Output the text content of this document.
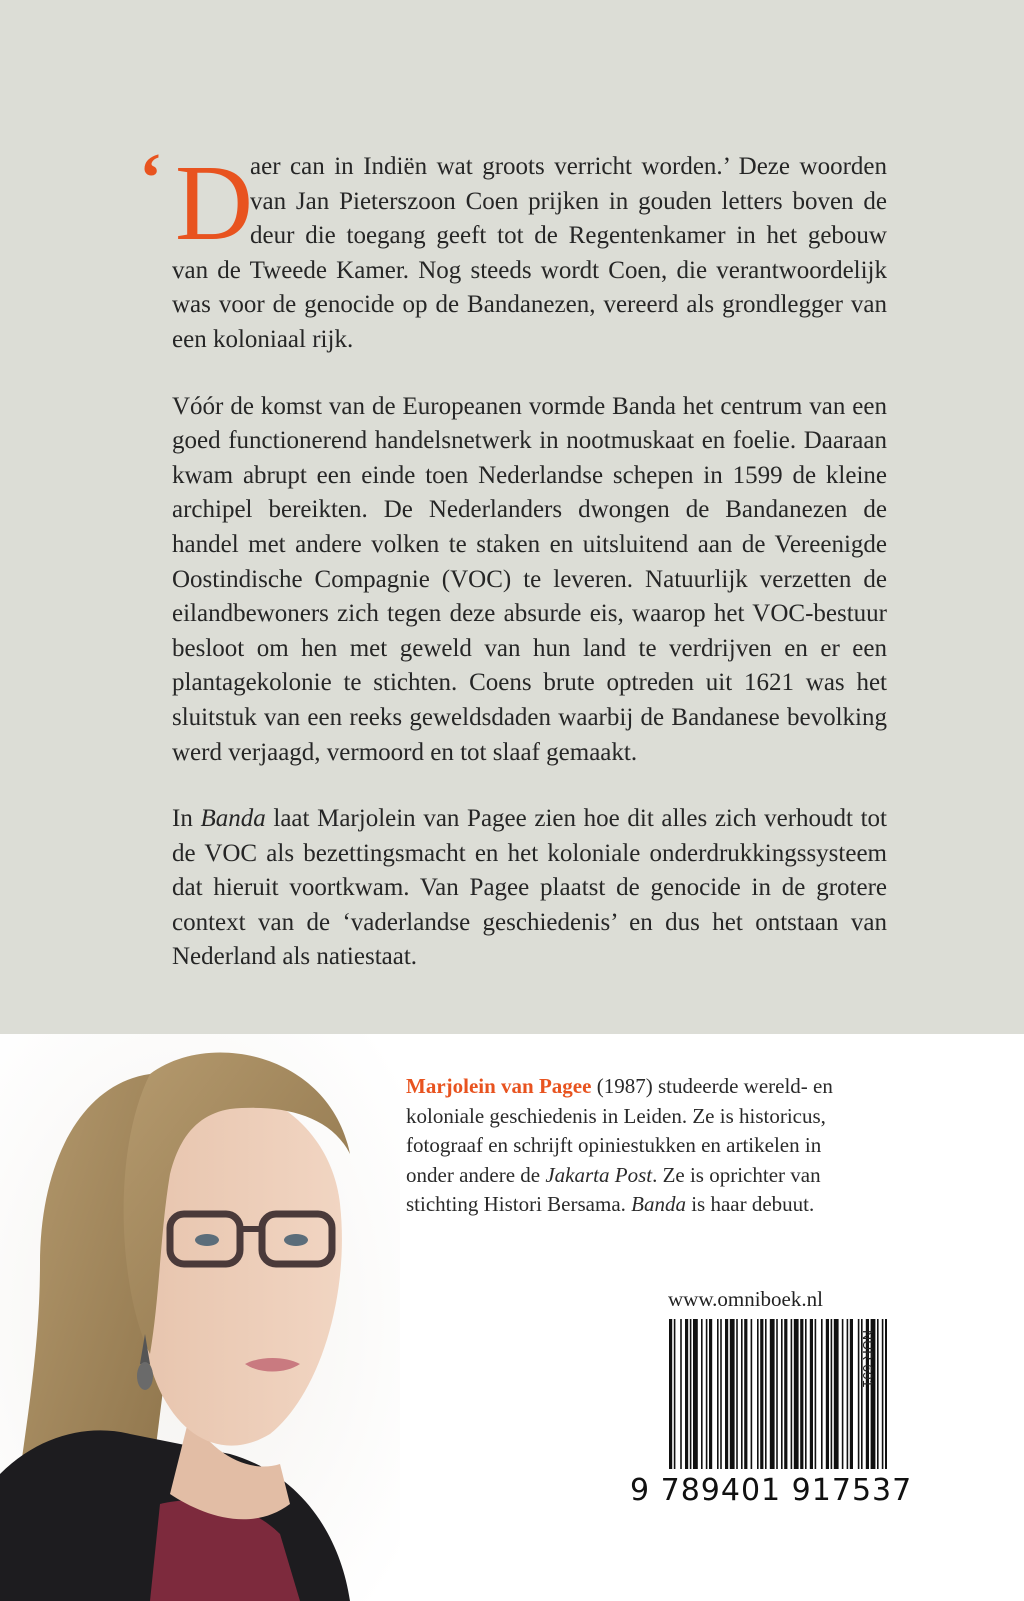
‘ D
aer can in Indiën wat groots verricht worden.’ Deze woorden van Jan Pieterszoon Coen prijken in gouden letters boven de deur die toegang geeft tot de Regentenkamer in het gebouw van de Tweede Kamer. Nog steeds wordt Coen, die verantwoordelijk was voor de genocide op de Bandanezen, vereerd als grondlegger van een koloniaal rijk.

Vóór de komst van de Europeanen vormde Banda het centrum van een goed functionerend handelsnetwerk in nootmuskaat en foelie. Daaraan kwam abrupt een einde toen Nederlandse schepen in 1599 de kleine archipel bereikten. De Nederlanders dwongen de Bandanezen de handel met andere volken te staken en uitsluitend aan de Vereenigde Oostindische Compagnie (VOC) te leveren. Natuurlijk verzetten de eilandbewoners zich tegen deze absurde eis, waarop het VOC-bestuur besloot om hen met geweld van hun land te verdrijven en er een plantagekolonie te stichten. Coens brute optreden uit 1621 was het sluitstuk van een reeks geweldsdaden waarbij de Bandanese bevolking werd verjaagd, vermoord en tot slaaf gemaakt.

In Banda laat Marjolein van Pagee zien hoe dit alles zich verhoudt tot de VOC als bezettingsmacht en het koloniale onderdrukkingssysteem dat hieruit voortkwam. Van Pagee plaatst de genocide in de grotere context van de ‘vaderlandse geschiedenis’ en dus het ontstaan van Nederland als natiestaat.

Marjolein van Pagee (1987) studeerde wereld- en koloniale geschiedenis in Leiden. Ze is historicus, fotograaf en schrijft opiniestukken en artikelen in onder andere de Jakarta Post. Ze is oprichter van stichting Histori Bersama. Banda is haar debuut.
www.omniboek.nl
NUR 691
9 789401 917537
